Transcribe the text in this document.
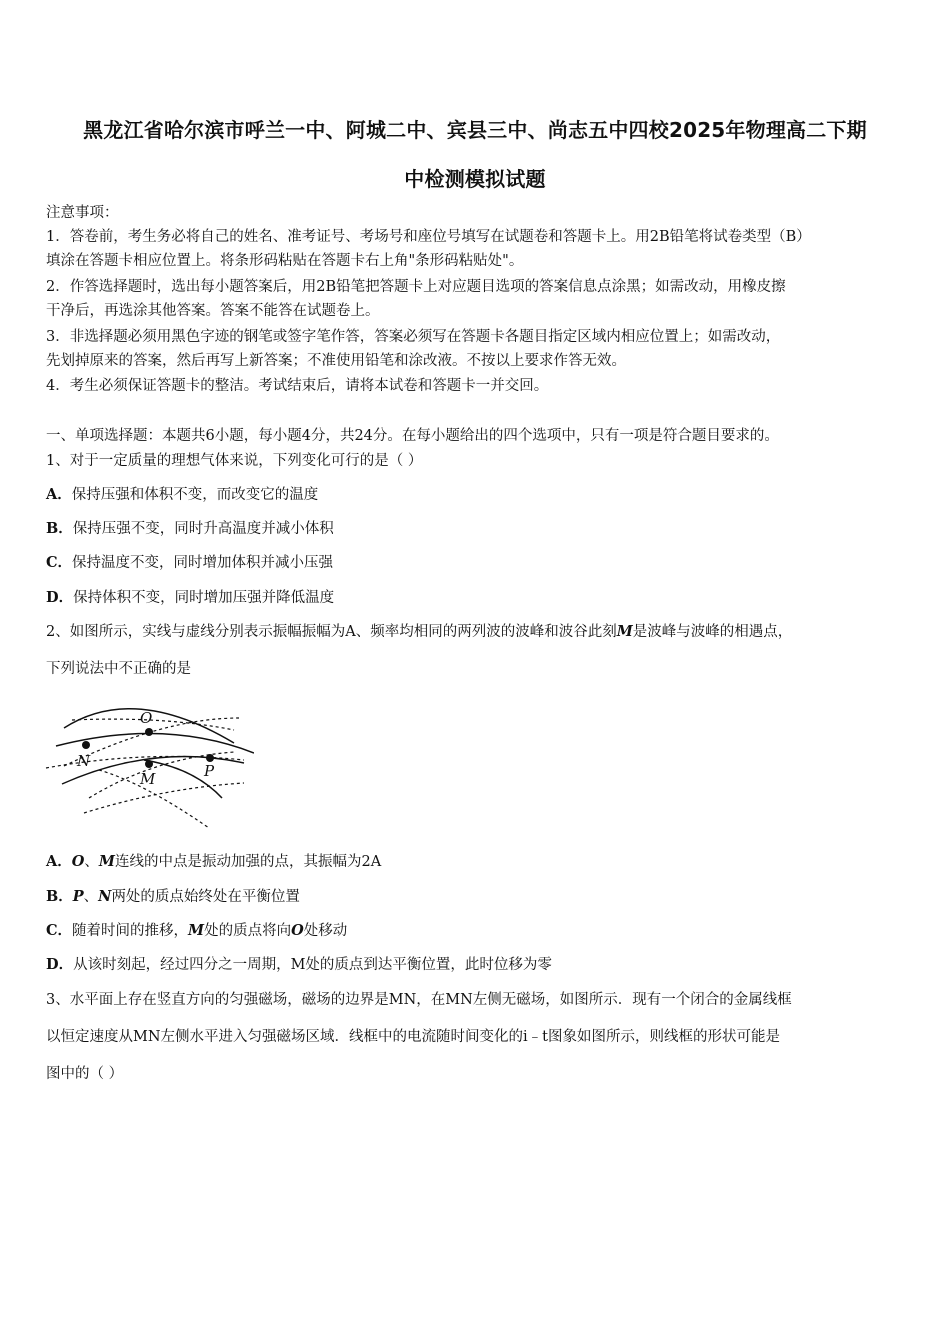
黑龙江省哈尔滨市呼兰一中、阿城二中、宾县三中、尚志五中四校2025年物理高二下期
中检测模拟试题
注意事项：
1．答卷前，考生务必将自己的姓名、准考证号、考场号和座位号填写在试题卷和答题卡上。用2B铅笔将试卷类型（B）
填涂在答题卡相应位置上。将条形码粘贴在答题卡右上角"条形码粘贴处"。
2．作答选择题时，选出每小题答案后，用2B铅笔把答题卡上对应题目选项的答案信息点涂黑；如需改动，用橡皮擦
干净后，再选涂其他答案。答案不能答在试题卷上。
3．非选择题必须用黑色字迹的钢笔或签字笔作答，答案必须写在答题卡各题目指定区域内相应位置上；如需改动，
先划掉原来的答案，然后再写上新答案；不准使用铅笔和涂改液。不按以上要求作答无效。
4．考生必须保证答题卡的整洁。考试结束后，请将本试卷和答题卡一并交回。
一、单项选择题：本题共6小题，每小题4分，共24分。在每小题给出的四个选项中，只有一项是符合题目要求的。
1、对于一定质量的理想气体来说，下列变化可行的是（ ）
A．保持压强和体积不变，而改变它的温度
B．保持压强不变，同时升高温度并减小体积
C．保持温度不变，同时增加体积并减小压强
D．保持体积不变，同时增加压强并降低温度
2、如图所示，实线与虚线分别表示振幅振幅为A、频率均相同的两列波的波峰和波谷此刻M是波峰与波峰的相遇点，
下列说法中不正确的是
O
N
M	P
A．O、M连线的中点是振动加强的点，其振幅为2A
B．P、N两处的质点始终处在平衡位置
C．随着时间的推移，M处的质点将向O处移动
D．从该时刻起，经过四分之一周期，M处的质点到达平衡位置，此时位移为零
3、水平面上存在竖直方向的匀强磁场，磁场的边界是MN，在MN左侧无磁场，如图所示．现有一个闭合的金属线框
以恒定速度从MN左侧水平进入匀强磁场区域．线框中的电流随时间变化的i﹣t图象如图所示，则线框的形状可能是
图中的（ ）
